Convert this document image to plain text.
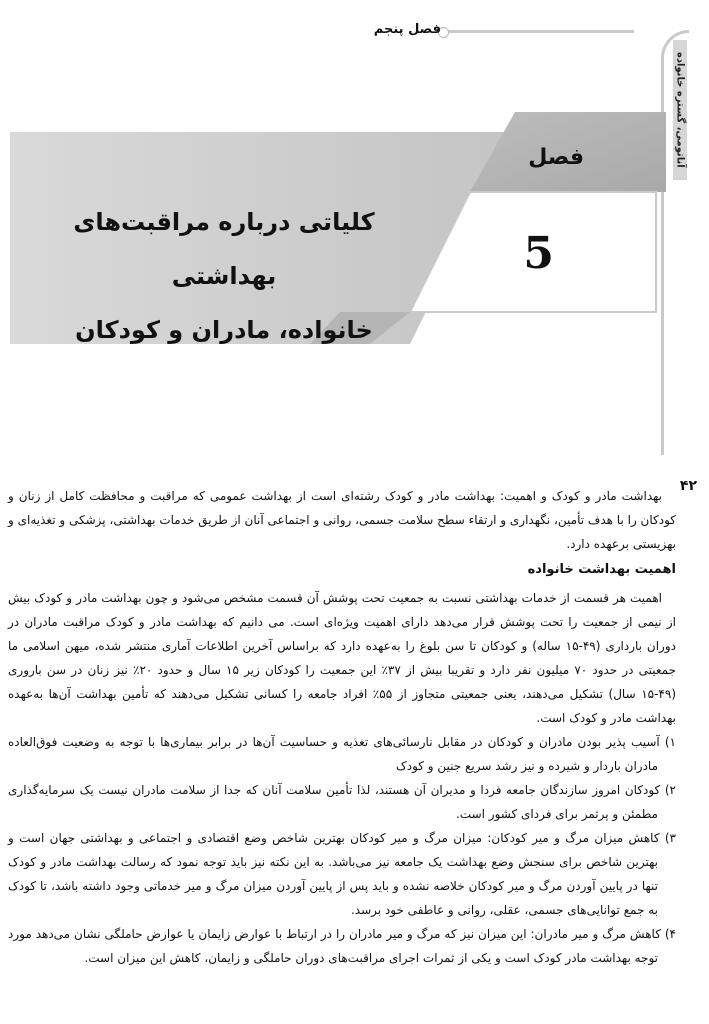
فصل پنجم
آناتومی، گستره خانواده
۴۲
فصل
5
کلیاتی درباره مراقبت‌های بهداشتی
خانواده، مادران و کودکان

بهداشت مادر و کودک و اهمیت: بهداشت مادر و کودک رشته‌ای است از بهداشت عمومی که مراقبت و محافظت کامل از زنان و کودکان را با هدف تأمین، نگهداری و ارتقاء سطح سلامت جسمی، روانی و اجتماعی آنان از طریق خدمات بهداشتی، پزشکی و تغذیه‌ای و بهزیستی برعهده دارد.

اهمیت بهداشت خانواده

اهمیت هر قسمت از خدمات بهداشتی نسبت به جمعیت تحت پوشش آن قسمت مشخص می‌شود و چون بهداشت مادر و کودک بیش از نیمی از جمعیت را تحت پوشش قرار می‌دهد دارای اهمیت ویژه‌ای است. می دانیم که بهداشت مادر و کودک مراقبت مادران در دوران بارداری (۴۹-۱۵ ساله) و کودکان تا سن بلوغ را به‌عهده دارد که براساس آخرین اطلاعات آماری منتشر شده، میهن اسلامی ما جمعیتی در حدود ۷۰ میلیون نفر دارد و تقریبا بیش از ۳۷٪ این جمعیت را کودکان زیر ۱۵ سال و حدود ۲۰٪ نیز زنان در سن باروری (۴۹-۱۵ سال) تشکیل می‌دهند، یعنی جمعیتی متجاوز از ۵۵٪ افراد جامعه را کسانی تشکیل می‌دهند که تأمین بهداشت آن‌ها به‌عهده بهداشت مادر و کودک است.

۱) آسیب پذیر بودن مادران و کودکان در مقابل نارسائی‌های تغذیه و حساسیت آن‌ها در برابر بیماری‌ها با توجه به وضعیت فوق‌العاده مادران باردار و شیرده و نیز رشد سریع جنین و کودک

۲) کودکان امروز سازندگان جامعه فردا و مدیران آن هستند، لذا تأمین سلامت آنان که جدا از سلامت مادران نیست یک سرمایه‌گذاری مطمئن و پرثمر برای فردای کشور است.

۳) کاهش میزان مرگ و میر کودکان: میزان مرگ و میر کودکان بهترین شاخص وضع اقتصادی و اجتماعی و بهداشتی جهان است و بهترین شاخص برای سنجش وضع بهداشت یک جامعه نیز می‌باشد. به این نکته نیز باید توجه نمود که رسالت بهداشت مادر و کودک تنها در پایین آوردن مرگ و میر کودکان خلاصه نشده و باید پس از پایین آوردن میزان مرگ و میر خدماتی وجود داشته باشد، تا کودک به جمع توانایی‌های جسمی، عقلی، روانی و عاطفی خود برسد.

۴) کاهش مرگ و میر مادران: این میزان نیز که مرگ و میر مادران را در ارتباط با عوارض زایمان یا عوارض حاملگی نشان می‌دهد مورد توجه بهداشت مادر کودک است و یکی از ثمرات اجرای مراقبت‌های دوران حاملگی و زایمان، کاهش این میزان است.
